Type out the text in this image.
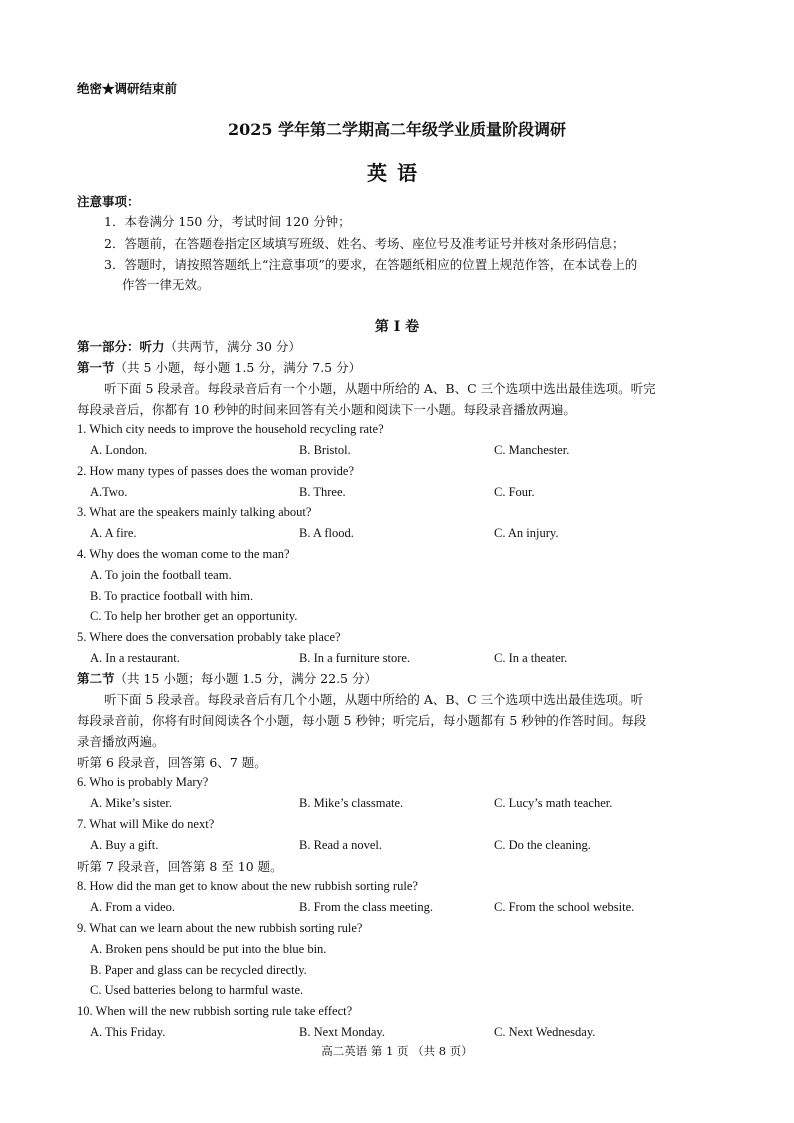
绝密★调研结束前
2025 学年第二学期高二年级学业质量阶段调研
英语
注意事项：
1．本卷满分 150 分，考试时间 120 分钟；
2．答题前，在答题卷指定区域填写班级、姓名、考场、座位号及准考证号并核对条形码信息；
3．答题时，请按照答题纸上“注意事项”的要求，在答题纸相应的位置上规范作答，在本试卷上的
作答一律无效。
第 I 卷
第一部分：听力（共两节，满分 30 分）
第一节（共 5 小题，每小题 1.5 分，满分 7.5 分）
听下面 5 段录音。每段录音后有一个小题，从题中所给的 A、B、C 三个选项中选出最佳选项。听完
每段录音后，你都有 10 秒钟的时间来回答有关小题和阅读下一小题。每段录音播放两遍。
1. Which city needs to improve the household recycling rate?
A. London.	B. Bristol.	C. Manchester.
2. How many types of passes does the woman provide?
A.Two.	B. Three.	C. Four.
3. What are the speakers mainly talking about?
A. A fire.	B. A flood.	C. An injury.
4. Why does the woman come to the man?
A. To join the football team.
B. To practice football with him.
C. To help her brother get an opportunity.
5. Where does the conversation probably take place?
A. In a restaurant.	B. In a furniture store.	C. In a theater.
第二节（共 15 小题；每小题 1.5 分，满分 22.5 分）
听下面 5 段录音。每段录音后有几个小题，从题中所给的 A、B、C 三个选项中选出最佳选项。听
每段录音前，你将有时间阅读各个小题，每小题 5 秒钟；听完后，每小题都有 5 秒钟的作答时间。每段
录音播放两遍。
听第 6 段录音，回答第 6、7 题。
6. Who is probably Mary?
A. Mike’s sister.	B. Mike’s classmate.	C. Lucy’s math teacher.
7. What will Mike do next?
A. Buy a gift.	B. Read a novel.	C. Do the cleaning.
听第 7 段录音，回答第 8 至 10 题。
8. How did the man get to know about the new rubbish sorting rule?
A. From a video.	B. From the class meeting.	C. From the school website.
9. What can we learn about the new rubbish sorting rule?
A. Broken pens should be put into the blue bin.
B. Paper and glass can be recycled directly.
C. Used batteries belong to harmful waste.
10. When will the new rubbish sorting rule take effect?
A. This Friday.	B. Next Monday.	C. Next Wednesday.
高二英语 第 1 页 （共 8 页）
